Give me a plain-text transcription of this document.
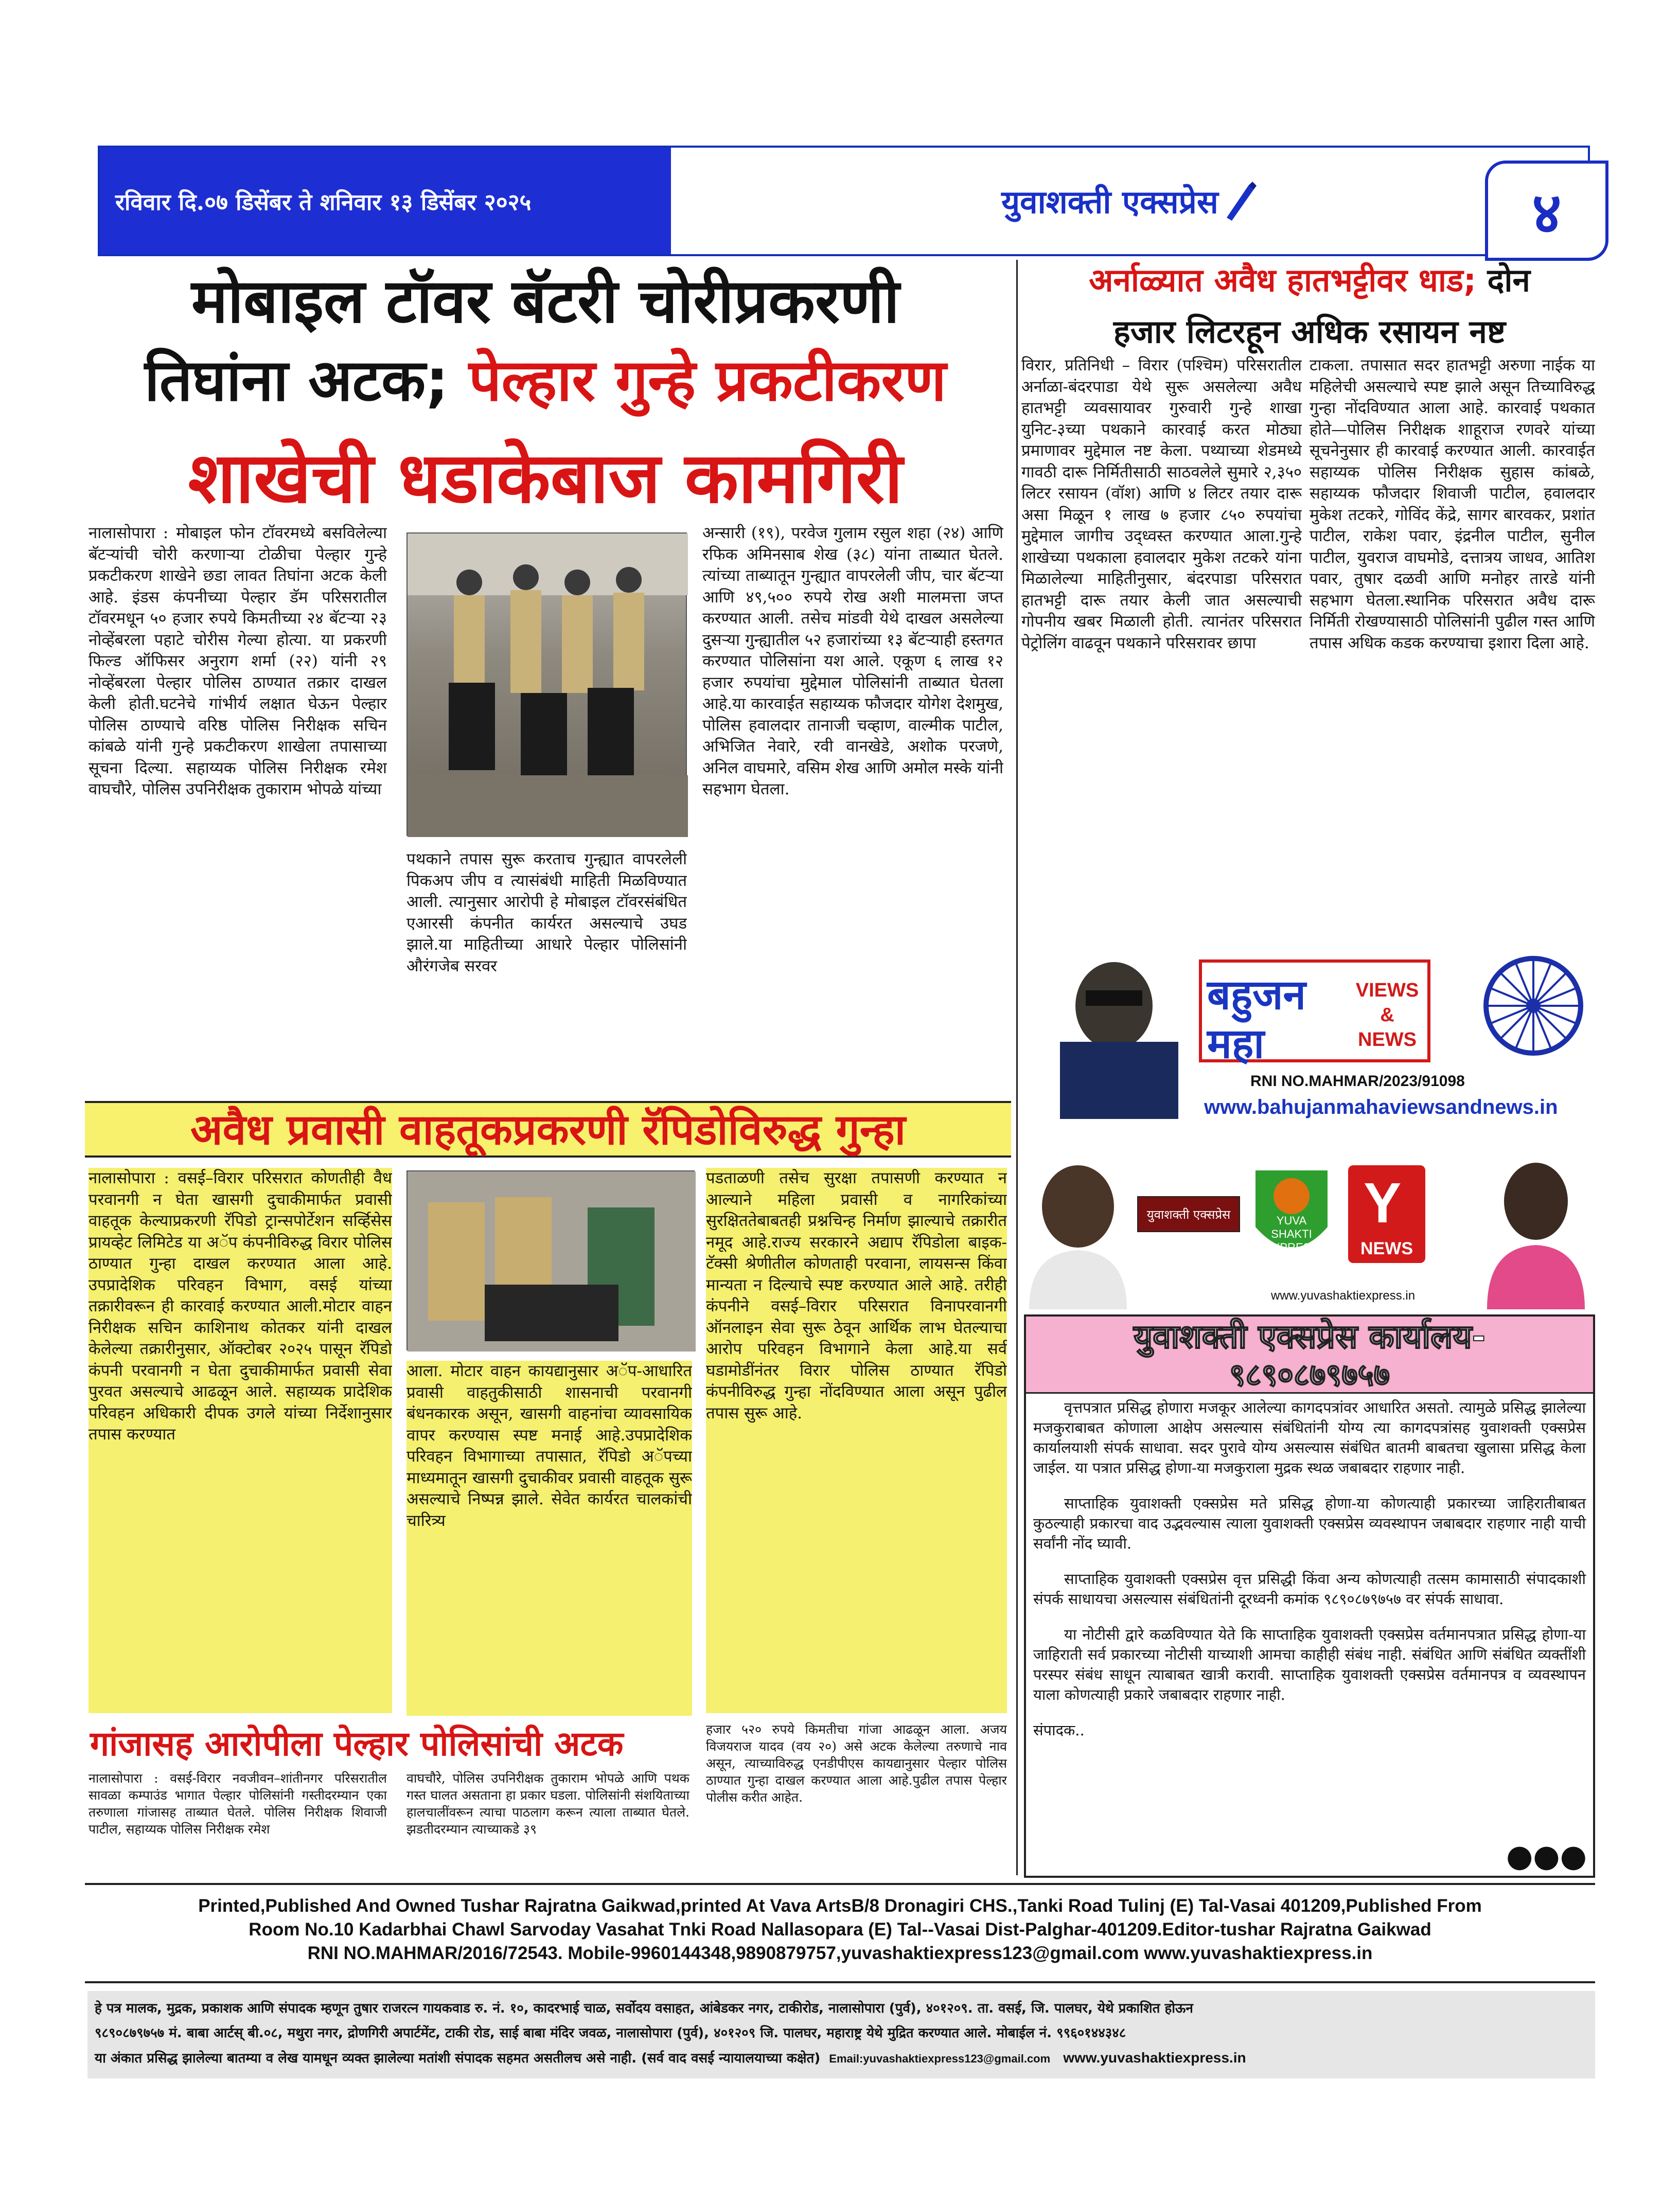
रविवार दि.०७ डिसेंबर ते शनिवार १३ डिसेंबर २०२५	युवाशक्ती एक्सप्रेस	४
मोबाइल टॉवर बॅटरी चोरीप्रकरणी
तिघांना अटक; पेल्हार गुन्हे प्रकटीकरण
शाखेची धडाकेबाज कामगिरी
नालासोपारा : मोबाइल फोन टॉवरमध्ये बसविलेल्या बॅटऱ्यांची चोरी करणाऱ्या टोळीचा पेल्हार गुन्हे प्रकटीकरण शाखेने छडा लावत तिघांना अटक केली आहे. इंडस कंपनीच्या पेल्हार डॅम परिसरातील टॉवरमधून ५० हजार रुपये किमतीच्या २४ बॅटऱ्या २३ नोव्हेंबरला पहाटे चोरीस गेल्या होत्या. या प्रकरणी फिल्ड ऑफिसर अनुराग शर्मा (२२) यांनी २९ नोव्हेंबरला पेल्हार पोलिस ठाण्यात तक्रार दाखल केली होती.घटनेचे गांभीर्य लक्षात घेऊन पेल्हार पोलिस ठाण्याचे वरिष्ठ पोलिस निरीक्षक सचिन कांबळे यांनी गुन्हे प्रकटीकरण शाखेला तपासाच्या सूचना दिल्या. सहाय्यक पोलिस निरीक्षक रमेश वाघचौरे, पोलिस उपनिरीक्षक तुकाराम भोपळे यांच्या
पथकाने तपास सुरू करताच गुन्ह्यात वापरलेली पिकअप जीप व त्यासंबंधी माहिती मिळविण्यात आली. त्यानुसार आरोपी हे मोबाइल टॉवरसंबंधित एआरसी कंपनीत कार्यरत असल्याचे उघड झाले.या माहितीच्या आधारे पेल्हार पोलिसांनी औरंगजेब सरवर
अन्सारी (१९), परवेज गुलाम रसुल शहा (२४) आणि रफिक अमिनसाब शेख (३८) यांना ताब्यात घेतले. त्यांच्या ताब्यातून गुन्ह्यात वापरलेली जीप, चार बॅटऱ्या आणि ४९,५०० रुपये रोख अशी मालमत्ता जप्त करण्यात आली. तसेच मांडवी येथे दाखल असलेल्या दुसऱ्या गुन्ह्यातील ५२ हजारांच्या १३ बॅटऱ्याही हस्तगत करण्यात पोलिसांना यश आले. एकूण ६ लाख १२ हजार रुपयांचा मुद्देमाल पोलिसांनी ताब्यात घेतला आहे.या कारवाईत सहाय्यक फौजदार योगेश देशमुख, पोलिस हवालदार तानाजी चव्हाण, वाल्मीक पाटील, अभिजित नेवारे, रवी वानखेडे, अशोक परजणे, अनिल वाघमारे, वसिम शेख आणि अमोल मस्के यांनी सहभाग घेतला.
अर्नाळ्यात अवैध हातभट्टीवर धाड; दोन
हजार लिटरहून अधिक रसायन नष्ट
विरार, प्रतिनिधी – विरार (पश्चिम) परिसरातील अर्नाळा-बंदरपाडा येथे सुरू असलेल्या अवैध हातभट्टी व्यवसायावर गुरुवारी गुन्हे शाखा युनिट-३च्या पथकाने कारवाई करत मोठ्या प्रमाणावर मुद्देमाल नष्ट केला. पथ्याच्या शेडमध्ये गावठी दारू निर्मितीसाठी साठवलेले सुमारे २,३५० लिटर रसायन (वॉश) आणि ४ लिटर तयार दारू असा मिळून १ लाख ७ हजार ८५० रुपयांचा मुद्देमाल जागीच उद्ध्वस्त करण्यात आला.गुन्हे शाखेच्या पथकाला हवालदार मुकेश तटकरे यांना मिळालेल्या माहितीनुसार, बंदरपाडा परिसरात हातभट्टी दारू तयार केली जात असल्याची गोपनीय खबर मिळाली होती. त्यानंतर परिसरात पेट्रोलिंग वाढवून पथकाने परिसरावर छापा
टाकला. तपासात सदर हातभट्टी अरुणा नाईक या महिलेची असल्याचे स्पष्ट झाले असून तिच्याविरुद्ध गुन्हा नोंदविण्यात आला आहे. कारवाई पथकात होते—पोलिस निरीक्षक शाहूराज रणवरे यांच्या सूचनेनुसार ही कारवाई करण्यात आली. कारवाईत सहाय्यक पोलिस निरीक्षक सुहास कांबळे, सहाय्यक फौजदार शिवाजी पाटील, हवालदार मुकेश तटकरे, गोविंद केंद्रे, सागर बारवकर, प्रशांत पाटील, राकेश पवार, इंद्रनील पाटील, सुनील पाटील, युवराज वाघमोडे, दत्तात्रय जाधव, आतिश पवार, तुषार दळवी आणि मनोहर तारडे यांनी सहभाग घेतला.स्थानिक परिसरात अवैध दारू निर्मिती रोखण्यासाठी पोलिसांनी पुढील गस्त आणि तपास अधिक कडक करण्याचा इशारा दिला आहे.
बहुजन
महा
VIEWS & NEWS
RNI NO.MAHMAR/2023/91098
www.bahujanmahaviewsandnews.in
युवाशक्ती एक्सप्रेस	YUVA SHAKTI EXPRESS
Y
NEWS
www.yuvashaktiexpress.in
अवैध प्रवासी वाहतूकप्रकरणी रॅपिडोविरुद्ध गुन्हा
नालासोपारा : वसई–विरार परिसरात कोणतीही वैध परवानगी न घेता खासगी दुचाकीमार्फत प्रवासी वाहतूक केल्याप्रकरणी रॅपिडो ट्रान्सपोर्टेशन सर्व्हिसेस प्रायव्हेट लिमिटेड या अॅप कंपनीविरुद्ध विरार पोलिस ठाण्यात गुन्हा दाखल करण्यात आला आहे. उपप्रादेशिक परिवहन विभाग, वसई यांच्या तक्रारीवरून ही कारवाई करण्यात आली.मोटार वाहन निरीक्षक सचिन काशिनाथ कोतकर यांनी दाखल केलेल्या तक्रारीनुसार, ऑक्टोबर २०२५ पासून रॅपिडो कंपनी परवानगी न घेता दुचाकीमार्फत प्रवासी सेवा पुरवत असल्याचे आढळून आले. सहाय्यक प्रादेशिक परिवहन अधिकारी दीपक उगले यांच्या निर्देशानुसार तपास करण्यात
आला. मोटार वाहन कायद्यानुसार अॅप-आधारित प्रवासी वाहतुकीसाठी शासनाची परवानगी बंधनकारक असून, खासगी वाहनांचा व्यावसायिक वापर करण्यास स्पष्ट मनाई आहे.उपप्रादेशिक परिवहन विभागाच्या तपासात, रॅपिडो अॅपच्या माध्यमातून खासगी दुचाकीवर प्रवासी वाहतूक सुरू असल्याचे निष्पन्न झाले. सेवेत कार्यरत चालकांची चारित्र्य
पडताळणी तसेच सुरक्षा तपासणी करण्यात न आल्याने महिला प्रवासी व नागरिकांच्या सुरक्षिततेबाबतही प्रश्नचिन्ह निर्माण झाल्याचे तक्रारीत नमूद आहे.राज्य सरकारने अद्याप रॅपिडोला बाइक-टॅक्सी श्रेणीतील कोणताही परवाना, लायसन्स किंवा मान्यता न दिल्याचे स्पष्ट करण्यात आले आहे. तरीही कंपनीने वसई–विरार परिसरात विनापरवानगी ऑनलाइन सेवा सुरू ठेवून आर्थिक लाभ घेतल्याचा आरोप परिवहन विभागाने केला आहे.या सर्व घडामोडींनंतर विरार पोलिस ठाण्यात रॅपिडो कंपनीविरुद्ध गुन्हा नोंदविण्यात आला असून पुढील तपास सुरू आहे.
युवाशक्ती एक्सप्रेस कार्यालय-
९८९०८७९७५७

वृत्तपत्रात प्रसिद्ध होणारा मजकूर आलेल्या कागदपत्रांवर आधारित असतो. त्यामुळे प्रसिद्ध झालेल्या मजकुराबाबत कोणाला आक्षेप असल्यास संबंधितांनी योग्य त्या कागदपत्रांसह युवाशक्ती एक्सप्रेस कार्यालयाशी संपर्क साधावा. सदर पुरावे योग्य असल्यास संबंधित बातमी बाबतचा खुलासा प्रसिद्ध केला जाईल. या पत्रात प्रसिद्ध होणा-या मजकुराला मुद्रक स्थळ जबाबदार राहणार नाही.

साप्ताहिक युवाशक्ती एक्सप्रेस मते प्रसिद्ध होणा-या कोणत्याही प्रकारच्या जाहिरातीबाबत कुठल्याही प्रकारचा वाद उद्भवल्यास त्याला युवाशक्ती एक्सप्रेस व्यवस्थापन जबाबदार राहणार नाही याची सर्वांनी नोंद घ्यावी.

साप्ताहिक युवाशक्ती एक्सप्रेस वृत्त प्रसिद्धी किंवा अन्य कोणत्याही तत्सम कामासाठी संपादकाशी संपर्क साधायचा असल्यास संबंधितांनी दूरध्वनी कमांक ९८९०८७९७५७ वर संपर्क साधावा.

या नोटीसी द्वारे कळविण्यात येते कि साप्ताहिक युवाशक्ती एक्सप्रेस वर्तमानपत्रात प्रसिद्ध होणा-या जाहिराती सर्व प्रकारच्या नोटीसी याच्याशी आमचा काहीही संबंध नाही. संबंधित आणि संबंधित व्यक्तींशी परस्पर संबंध साधून त्याबाबत खात्री करावी. साप्ताहिक युवाशक्ती एक्सप्रेस वर्तमानपत्र व व्यवस्थापन याला कोणत्याही प्रकारे जबाबदार राहणार नाही.

संपादक..

●●●
गांजासह आरोपीला पेल्हार पोलिसांची अटक
नालासोपारा : वसई-विरार नवजीवन–शांतीनगर परिसरातील सावळा कम्पाउंड भागात पेल्हार पोलिसांनी गस्तीदरम्यान एका तरुणाला गांजासह ताब्यात घेतले. पोलिस निरीक्षक शिवाजी पाटील, सहाय्यक पोलिस निरीक्षक रमेश
वाघचौरे, पोलिस उपनिरीक्षक तुकाराम भोपळे आणि पथक गस्त घालत असताना हा प्रकार घडला. पोलिसांनी संशयिताच्या हालचालींवरून त्याचा पाठलाग करून त्याला ताब्यात घेतले. झडतीदरम्यान त्याच्याकडे ३९
हजार ५२० रुपये किमतीचा गांजा आढळून आला. अजय विजयराज यादव (वय २०) असे अटक केलेल्या तरुणाचे नाव असून, त्याच्याविरुद्ध एनडीपीएस कायद्यानुसार पेल्हार पोलिस ठाण्यात गुन्हा दाखल करण्यात आला आहे.पुढील तपास पेल्हार पोलीस करीत आहेत.
Printed,Published And Owned Tushar Rajratna Gaikwad,printed At Vava ArtsB/8 Dronagiri CHS.,Tanki Road Tulinj (E) Tal-Vasai 401209,Published From
Room No.10 Kadarbhai Chawl Sarvoday Vasahat Tnki Road Nallasopara (E) Tal--Vasai Dist-Palghar-401209.Editor-tushar Rajratna Gaikwad
RNI NO.MAHMAR/2016/72543. Mobile-9960144348,9890879757,yuvashaktiexpress123@gmail.com www.yuvashaktiexpress.in
हे पत्र मालक, मुद्रक, प्रकाशक आणि संपादक म्हणून तुषार राजरत्न गायकवाड रु. नं. १०, कादरभाई चाळ, सर्वोदय वसाहत, आंबेडकर नगर, टाकीरोड, नालासोपारा (पुर्व), ४०१२०९. ता. वसई, जि. पालघर, येथे प्रकाशित होऊन
९८९०८७९७५७ मं. बाबा आर्टस् बी.०८, मथुरा नगर, द्रोणगिरी अपार्टमेंट, टाकी रोड, साई बाबा मंदिर जवळ, नालासोपारा (पुर्व), ४०१२०९ जि. पालघर, महाराष्ट्र येथे मुद्रित करण्यात आले. मोबाईल नं. ९९६०१४४३४८
या अंकात प्रसिद्ध झालेल्या बातम्या व लेख यामधून व्यक्त झालेल्या मतांशी संपादक सहमत असतीलच असे नाही. (सर्व वाद वसई न्यायालयाच्या कक्षेत) Email:yuvashaktiexpress123@gmail.com www.yuvashaktiexpress.in
